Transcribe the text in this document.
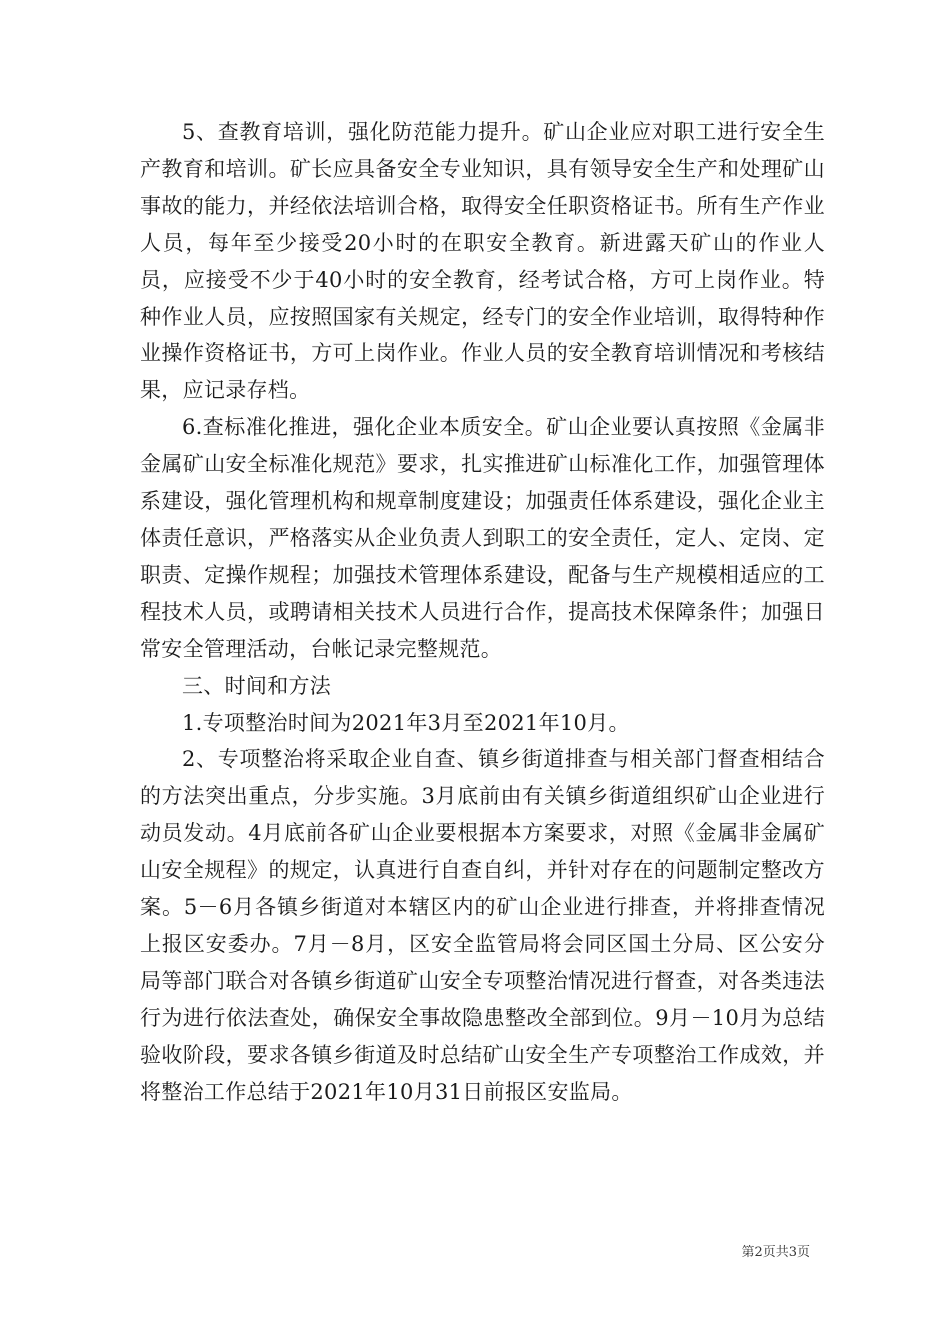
5、查教育培训，强化防范能力提升。矿山企业应对职工进行安全生产教育和培训。矿长应具备安全专业知识，具有领导安全生产和处理矿山事故的能力，并经依法培训合格，取得安全任职资格证书。所有生产作业人员，每年至少接受20小时的在职安全教育。新进露天矿山的作业人员，应接受不少于40小时的安全教育，经考试合格，方可上岗作业。特种作业人员，应按照国家有关规定，经专门的安全作业培训，取得特种作业操作资格证书，方可上岗作业。作业人员的安全教育培训情况和考核结果，应记录存档。

6.查标准化推进，强化企业本质安全。矿山企业要认真按照《金属非金属矿山安全标准化规范》要求，扎实推进矿山标准化工作，加强管理体系建设，强化管理机构和规章制度建设；加强责任体系建设，强化企业主体责任意识，严格落实从企业负责人到职工的安全责任，定人、定岗、定职责、定操作规程；加强技术管理体系建设，配备与生产规模相适应的工程技术人员，或聘请相关技术人员进行合作，提高技术保障条件；加强日常安全管理活动，台帐记录完整规范。

三、时间和方法

1.专项整治时间为2021年3月至2021年10月。

2、专项整治将采取企业自查、镇乡街道排查与相关部门督查相结合的方法突出重点，分步实施。3月底前由有关镇乡街道组织矿山企业进行动员发动。4月底前各矿山企业要根据本方案要求，对照《金属非金属矿山安全规程》的规定，认真进行自查自纠，并针对存在的问题制定整改方案。5－6月各镇乡街道对本辖区内的矿山企业进行排查，并将排查情况上报区安委办。7月－8月，区安全监管局将会同区国土分局、区公安分局等部门联合对各镇乡街道矿山安全专项整治情况进行督查，对各类违法行为进行依法查处，确保安全事故隐患整改全部到位。9月－10月为总结验收阶段，要求各镇乡街道及时总结矿山安全生产专项整治工作成效，并将整治工作总结于2021年10月31日前报区安监局。

第2页共3页
